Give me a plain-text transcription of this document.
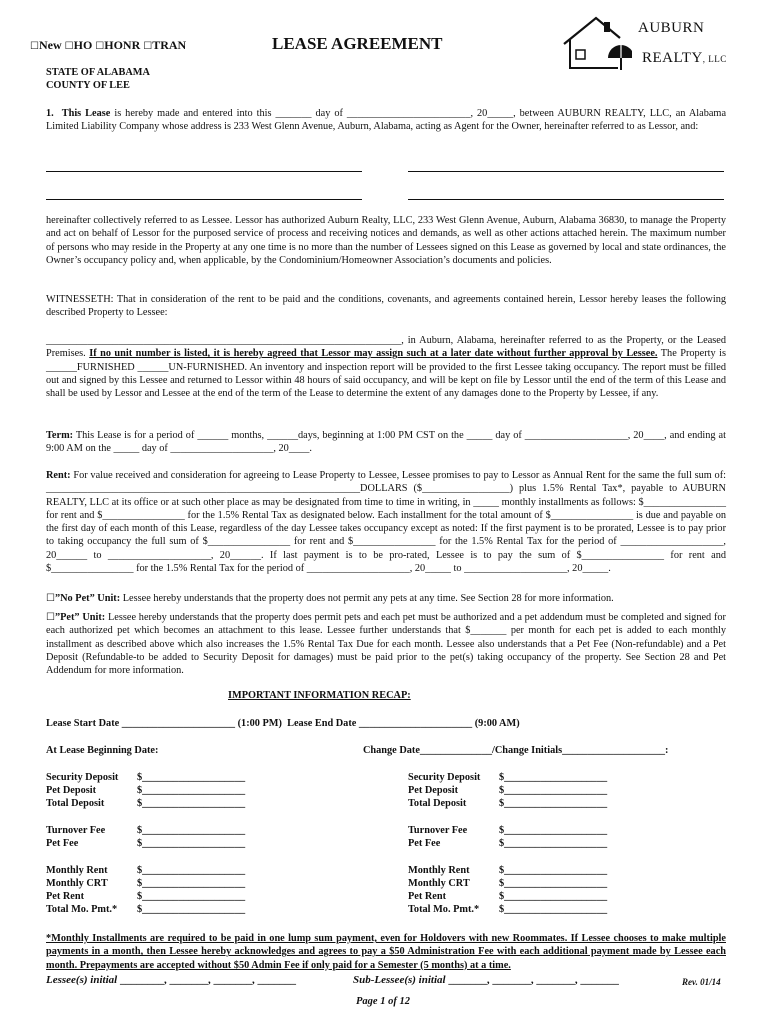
☐New ☐HO ☐HONR ☐TRAN	LEASE AGREEMENT
AUBURN
REALTY, LLC
STATE OF ALABAMA
COUNTY OF LEE

1. This Lease is hereby made and entered into this _______ day of ________________________, 20_____, between AUBURN REALTY, LLC, an Alabama Limited Liability Company whose address is 233 West Glenn Avenue, Auburn, Alabama, acting as Agent for the Owner, hereinafter referred to as Lessor, and:

hereinafter collectively referred to as Lessee. Lessor has authorized Auburn Realty, LLC, 233 West Glenn Avenue, Auburn, Alabama 36830, to manage the Property and act on behalf of Lessor for the purposed service of process and receiving notices and demands, as well as other actions attached herein. The maximum number of persons who may reside in the Property at any one time is no more than the number of Lessees signed on this Lease as governed by local and state ordinances, the Owner’s occupancy policy and, when applicable, by the Condominium/Homeowner Association’s documents and policies.

WITNESSETH: That in consideration of the rent to be paid and the conditions, covenants, and agreements contained herein, Lessor hereby leases the following described Property to Lessee:

_____________________________________________________________________, in Auburn, Alabama, hereinafter referred to as the Property, or the Leased Premises. If no unit number is listed, it is hereby agreed that Lessor may assign such at a later date without further approval by Lessee. The Property is ______FURNISHED ______UN-FURNISHED. An inventory and inspection report will be provided to the first Lessee taking occupancy. The report must be filled out and signed by this Lessee and returned to Lessor within 48 hours of said occupancy, and will be kept on file by Lessor until the end of the term of this Lease and shall be used by Lessor and Lessee at the end of the term of the Lease to determine the extent of any damages done to the Property by Lessee, if any.

Term: This Lease is for a period of ______ months, ______days, beginning at 1:00 PM CST on the _____ day of ____________________, 20____, and ending at 9:00 AM on the _____ day of ____________________, 20____.

Rent: For value received and consideration for agreeing to Lease Property to Lessee, Lessee promises to pay to Lessor as Annual Rent for the same the full sum of: _____________________________________________________________DOLLARS ($_________________) plus 1.5% Rental Tax*, payable to AUBURN REALTY, LLC at its office or at such other place as may be designated from time to time in writing, in _____ monthly installments as follows: $________________ for rent and $________________ for the 1.5% Rental Tax as designated below. Each installment for the total amount of $________________ is due and payable on the first day of each month of this Lease, regardless of the day Lessee takes occupancy except as noted: If the first payment is to be prorated, Lessee is to pay prior to taking occupancy the full sum of $________________ for rent and $________________ for the 1.5% Rental Tax for the period of ____________________, 20______ to ____________________, 20______. If last payment is to be pro-rated, Lessee is to pay the sum of $________________ for rent and $________________ for the 1.5% Rental Tax for the period of ____________________, 20_____ to ____________________, 20_____.

☐”No Pet” Unit: Lessee hereby understands that the property does not permit any pets at any time. See Section 28 for more information.

☐”Pet” Unit: Lessee hereby understands that the property does permit pets and each pet must be authorized and a pet addendum must be completed and signed for each authorized pet which becomes an attachment to this lease. Lessee further understands that $_______ per month for each pet is added to each monthly installment as described above which also increases the 1.5% Rental Tax Due for each month. Lessee also understands that a Pet Fee (Non-refundable) and a Pet Deposit (Refundable-to be added to Security Deposit for damages) must be paid prior to the pet(s) taking occupancy of the property. See Section 28 and Pet Addendum for more information.

IMPORTANT INFORMATION RECAP:
Lease Start Date ______________________ (1:00 PM) Lease End Date ______________________ (9:00 AM)
At Lease Beginning Date:	Change Date______________/Change Initials____________________:
Security Deposit $____________________
Pet Deposit	$____________________
Total Deposit	$____________________
Turnover Fee	$____________________
Pet Fee	$____________________
Monthly Rent	$____________________
Monthly CRT	$____________________
Pet Rent	$____________________
Total Mo. Pmt.* $____________________
Security Deposit $____________________
Pet Deposit	$____________________
Total Deposit	$____________________
Turnover Fee	$____________________
Pet Fee	$____________________
Monthly Rent	$____________________
Monthly CRT	$____________________
Pet Rent	$____________________
Total Mo. Pmt.* $____________________

*Monthly Installments are required to be paid in one lump sum payment, even for Holdovers with new Roommates. If Lessee chooses to make multiple payments in a month, then Lessee hereby acknowledges and agrees to pay a $50 Administration Fee with each additional payment made by Lessee each month. Prepayments are accepted without $50 Admin Fee if only paid for a Semester (5 months) at a time.

Lessee(s) initial ________, _______, _______, _______	Sub-Lessee(s) initial _______, _______, _______, _______	Rev. 01/14
Page 1 of 12
